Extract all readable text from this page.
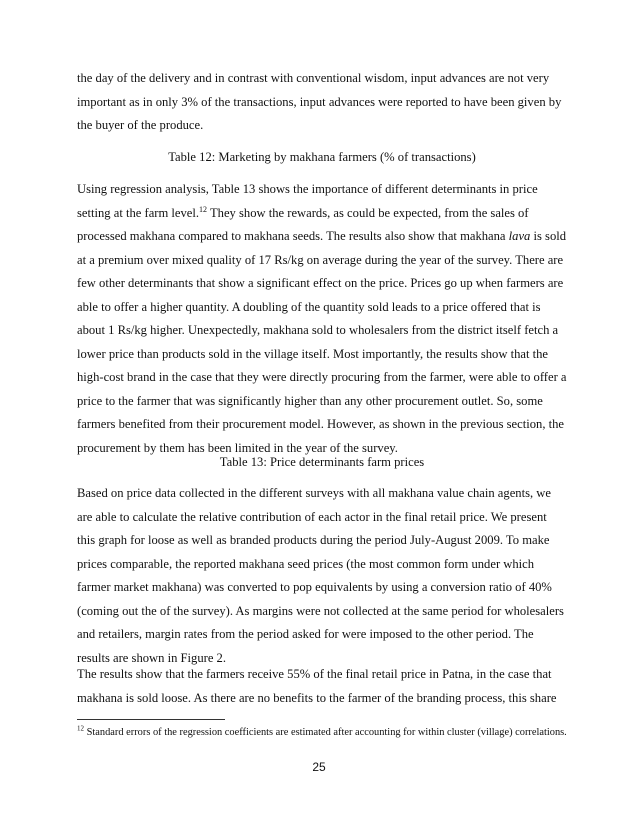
the day of the delivery and in contrast with conventional wisdom, input advances are not very important as in only 3% of the transactions, input advances were reported to have been given by the buyer of the produce.

Table 12: Marketing by makhana farmers (% of transactions)

Using regression analysis, Table 13 shows the importance of different determinants in price setting at the farm level.$^{12}$ They show the rewards, as could be expected, from the sales of processed makhana compared to makhana seeds. The results also show that makhana lava is sold at a premium over mixed quality of 17 Rs/kg on average during the year of the survey. There are few other determinants that show a significant effect on the price. Prices go up when farmers are able to offer a higher quantity. A doubling of the quantity sold leads to a price offered that is about 1 Rs/kg higher. Unexpectedly, makhana sold to wholesalers from the district itself fetch a lower price than products sold in the village itself. Most importantly, the results show that the high-cost brand in the case that they were directly procuring from the farmer, were able to offer a price to the farmer that was significantly higher than any other procurement outlet. So, some farmers benefited from their procurement model. However, as shown in the previous section, the procurement by them has been limited in the year of the survey.

Table 13: Price determinants farm prices

Based on price data collected in the different surveys with all makhana value chain agents, we are able to calculate the relative contribution of each actor in the final retail price. We present this graph for loose as well as branded products during the period July-August 2009. To make prices comparable, the reported makhana seed prices (the most common form under which farmer market makhana) was converted to pop equivalents by using a conversion ratio of 40% (coming out the of the survey). As margins were not collected at the same period for wholesalers and retailers, margin rates from the period asked for were imposed to the other period. The results are shown in Figure 2.

The results show that the farmers receive 55% of the final retail price in Patna, in the case that makhana is sold loose. As there are no benefits to the farmer of the branding process, this share

$^{12}$ Standard errors of the regression coefficients are estimated after accounting for within cluster (village) correlations.

25
